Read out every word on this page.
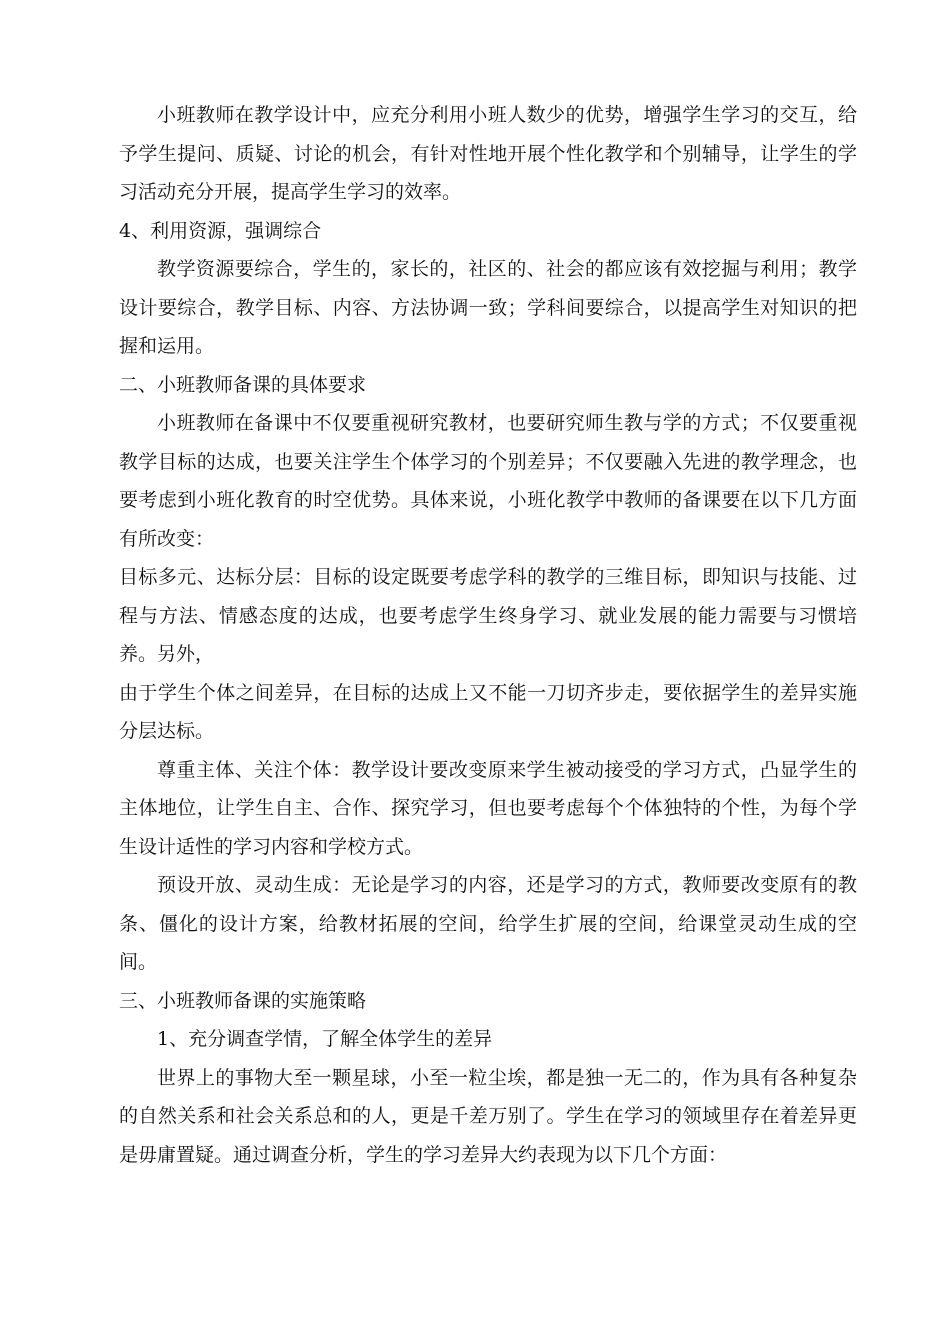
小班教师在教学设计中，应充分利用小班人数少的优势，增强学生学习的交互，给予学生提问、质疑、讨论的机会，有针对性地开展个性化教学和个别辅导，让学生的学习活动充分开展，提高学生学习的效率。

4、利用资源，强调综合

教学资源要综合，学生的，家长的，社区的、社会的都应该有效挖掘与利用；教学设计要综合，教学目标、内容、方法协调一致；学科间要综合，以提高学生对知识的把握和运用。

二、小班教师备课的具体要求

小班教师在备课中不仅要重视研究教材，也要研究师生教与学的方式；不仅要重视教学目标的达成，也要关注学生个体学习的个别差异；不仅要融入先进的教学理念，也要考虑到小班化教育的时空优势。具体来说，小班化教学中教师的备课要在以下几方面有所改变：

目标多元、达标分层：目标的设定既要考虑学科的教学的三维目标，即知识与技能、过程与方法、情感态度的达成，也要考虑学生终身学习、就业发展的能力需要与习惯培养。另外，

由于学生个体之间差异，在目标的达成上又不能一刀切齐步走，要依据学生的差异实施分层达标。

尊重主体、关注个体：教学设计要改变原来学生被动接受的学习方式，凸显学生的主体地位，让学生自主、合作、探究学习，但也要考虑每个个体独特的个性，为每个学生设计适性的学习内容和学校方式。

预设开放、灵动生成：无论是学习的内容，还是学习的方式，教师要改变原有的教条、僵化的设计方案，给教材拓展的空间，给学生扩展的空间，给课堂灵动生成的空间。

三、小班教师备课的实施策略

1、充分调查学情，了解全体学生的差异

世界上的事物大至一颗星球，小至一粒尘埃，都是独一无二的，作为具有各种复杂的自然关系和社会关系总和的人，更是千差万别了。学生在学习的领域里存在着差异更是毋庸置疑。通过调查分析，学生的学习差异大约表现为以下几个方面：
